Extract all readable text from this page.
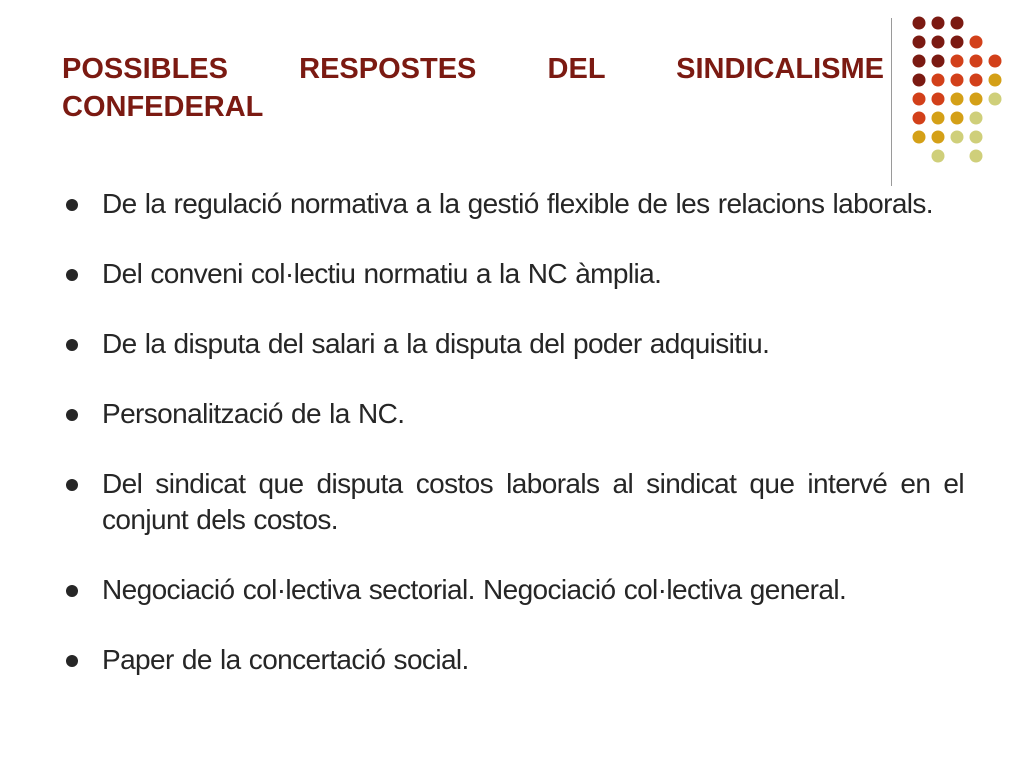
POSSIBLES RESPOSTES DEL SINDICALISME
CONFEDERAL
De la regulació normativa a la gestió flexible de les relacions laborals.
Del conveni col·lectiu normatiu a la NC àmplia.
De la disputa del salari a la disputa del poder adquisitiu.
Personalització de la NC.
Del sindicat que disputa costos laborals al sindicat que intervé en el conjunt dels costos.
Negociació col·lectiva sectorial. Negociació col·lectiva general.
Paper de la concertació social.
